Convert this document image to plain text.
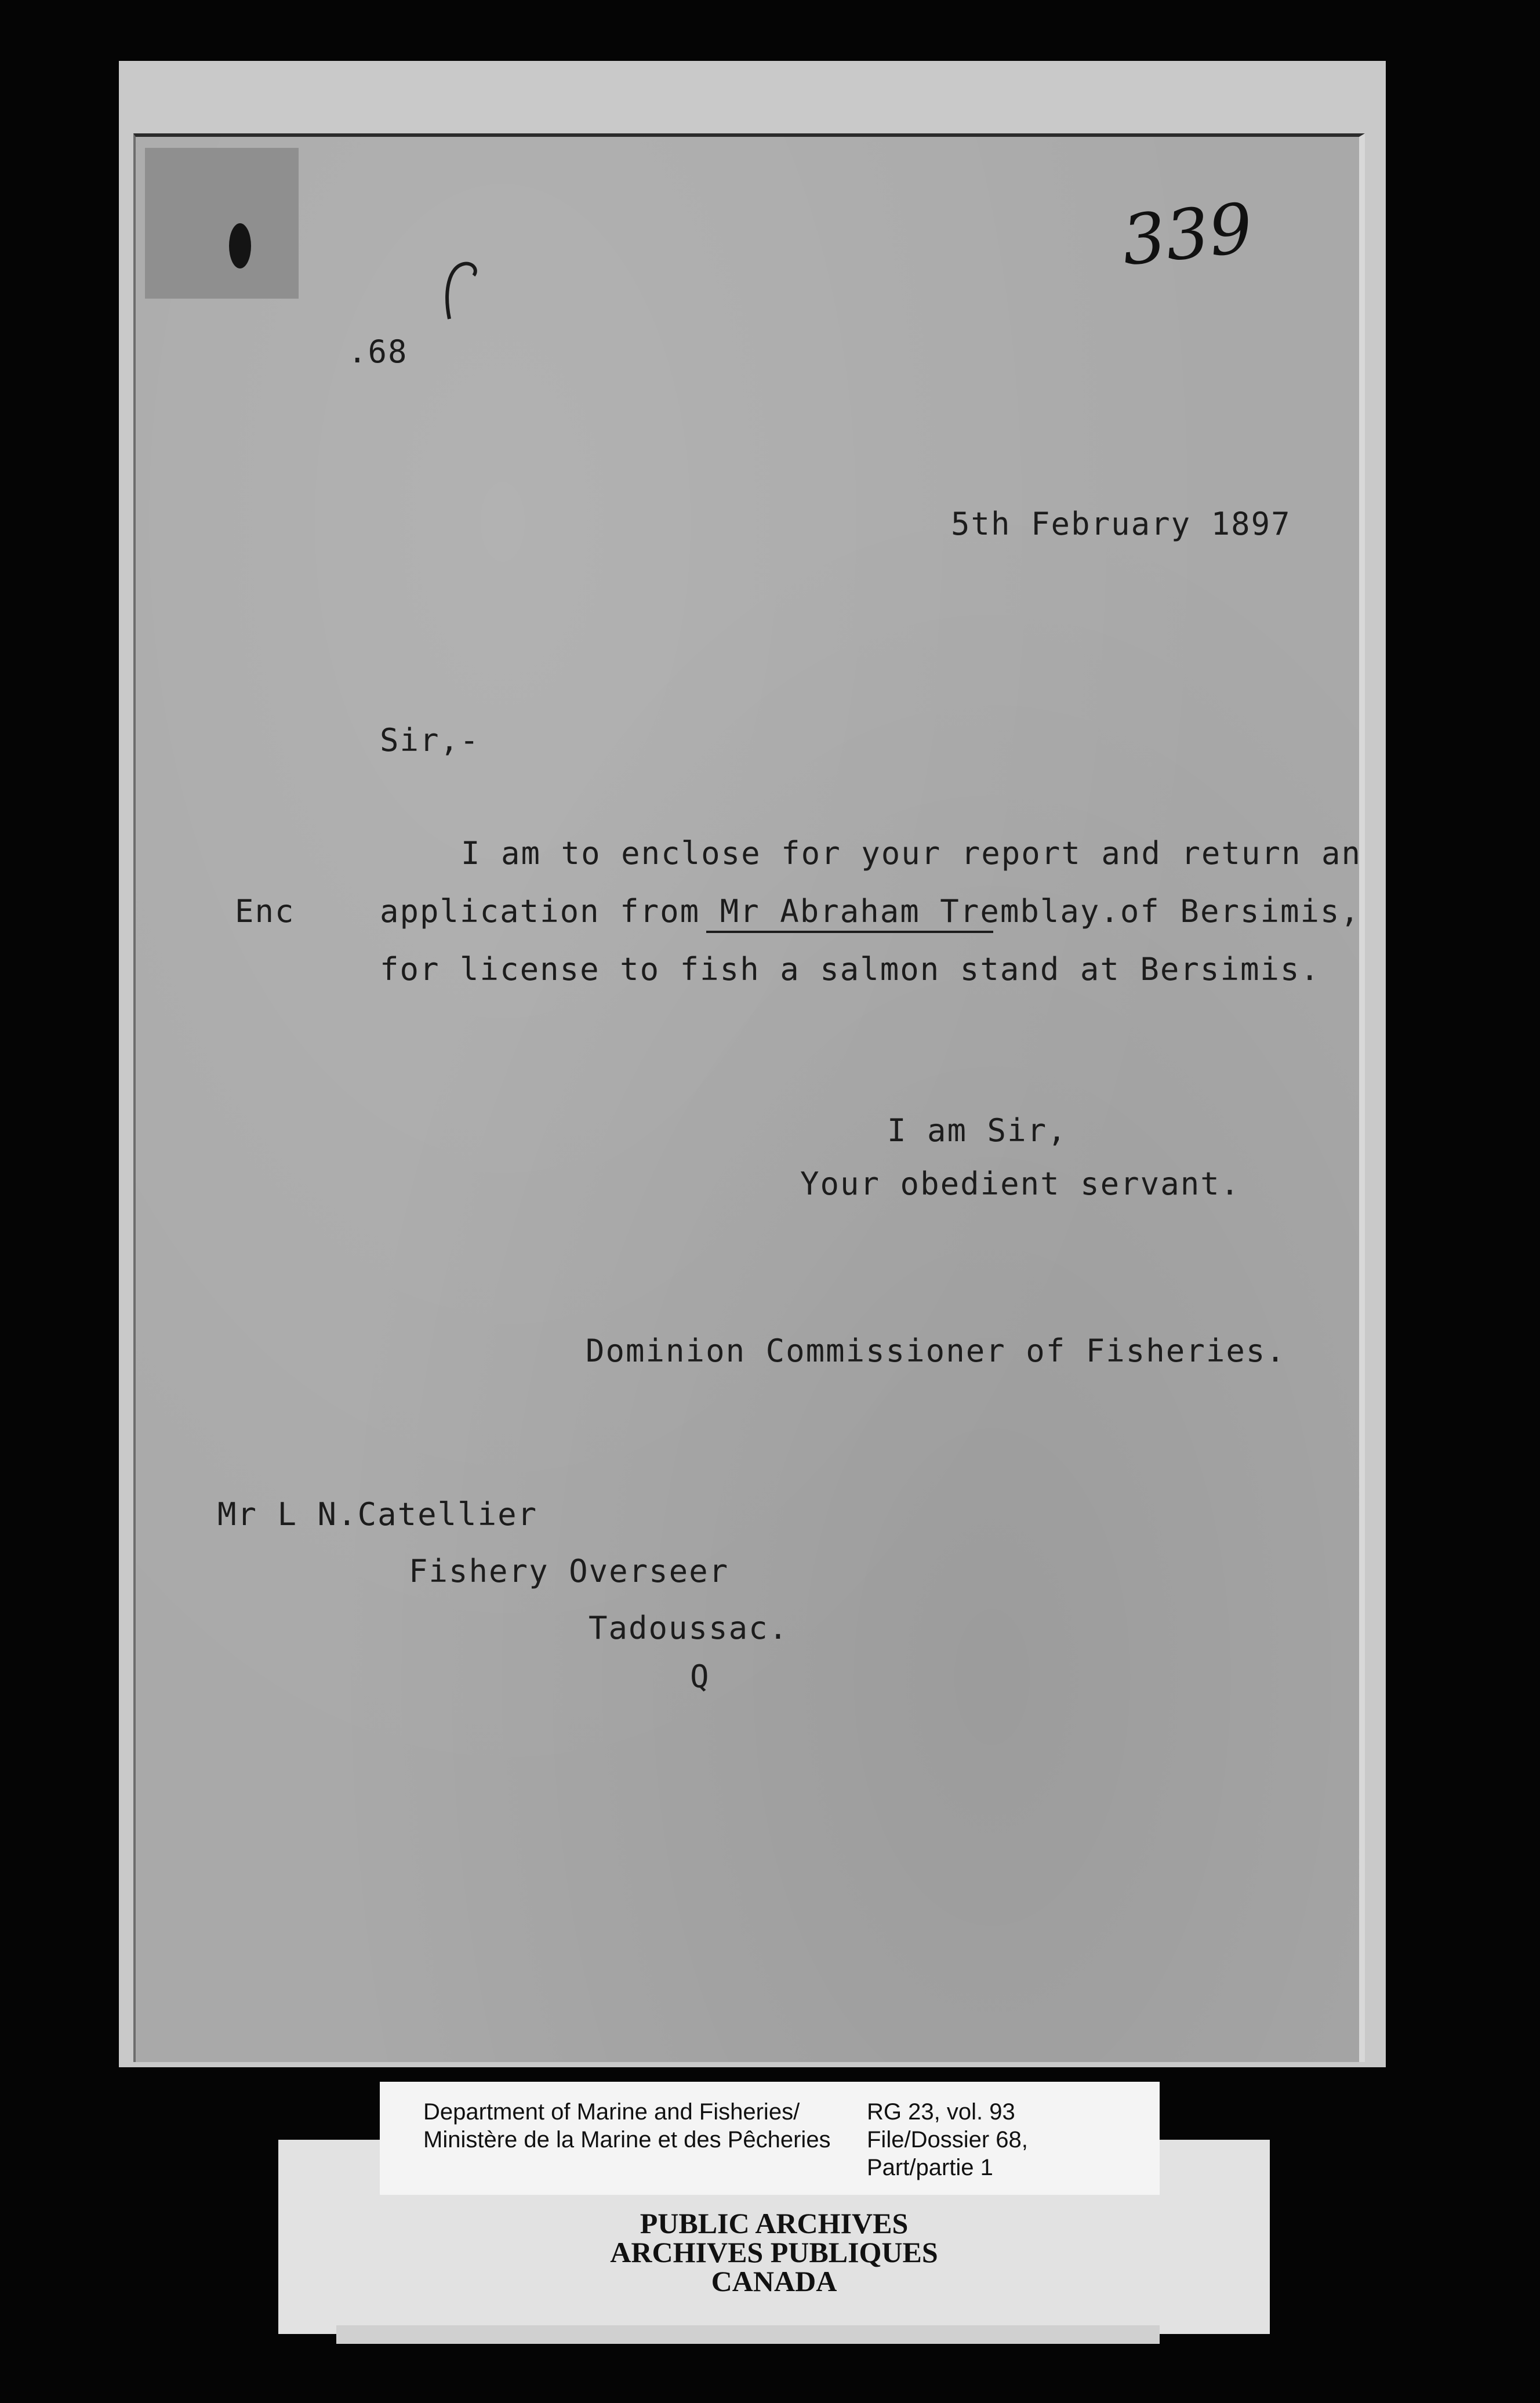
339
.68
5th February 1897
Sir,-
I am to enclose for your report and return an
Enc	application from Mr Abraham Tremblay.of Bersimis,
for license to fish a salmon stand at Bersimis.
I am Sir,
Your obedient servant.
Dominion Commissioner of Fisheries.
Mr L N.Catellier
Fishery Overseer
Tadoussac.
Q
PUBLIC ARCHIVES
ARCHIVES PUBLIQUES
CANADA
Department of Marine and Fisheries/
Ministère de la Marine et des Pêcheries
RG 23, vol. 93
File/Dossier 68,
Part/partie 1
